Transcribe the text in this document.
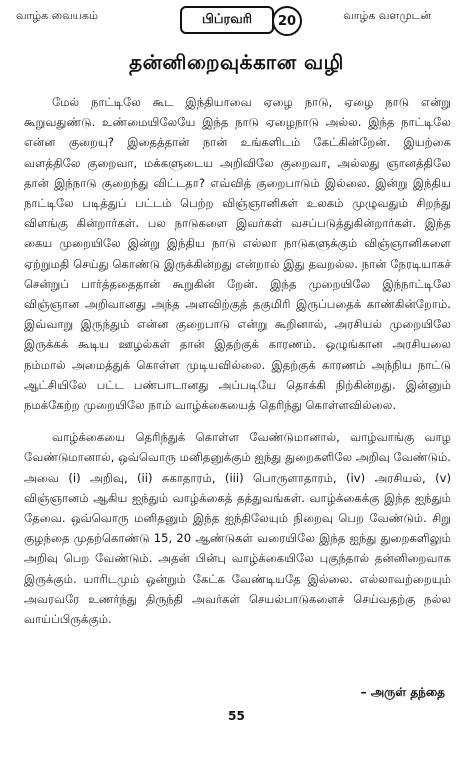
வாழ்க வையகம்	பிப்ரவரி	20	வாழ்க வளமுடன்
தன்னிறைவுக்கான வழி

மேல் நாட்டிலே கூட இந்தியாவை ஏழை நாடு, ஏழை நாடு என்று கூறுவதுண்டு. உண்மையிலேயே இந்த நாடு ஏழைநாடு அல்ல. இந்த நாட்டிலே என்ன குறையு? இதைத்தான் நான் உங்களிடம் கேட்கின்றேன். இயற்கை வளத்திலே குறைவா, மக்களுடைய அறிவிலே குறைவா, அல்லது ஞானத்திலே தான் இந்நாடு குறைந்து விட்டதா? எவ்வித் குறைபாடும் இல்லை. இன்று இந்திய நாட்டிலே படித்துப் பட்டம் பெற்ற விஞ்ஞானிகள் உலகம் முழுவதும் சிறந்து விளங்கு கின்றார்கள். பல நாடுகளை இவர்கள் வசப்படுத்துகின்றார்கள். இந்த கைய முறையிலே இன்று இந்திய நாடு எல்லா நாடுகளுக்கும் விஞ்ஞானிகளை ஏற்றுமதி செய்து கொண்டு இருக்கின்றது என்றால் இது தவறல்ல. நான் நேரடியாகச் சென்றுப் பார்த்ததைதான் கூறுகின் றேன். இந்த முறையிலே இந்நாட்டிலே விஞ்ஞான அறிவானது அந்த அளவிற்குத் தகுமிரி இருப்பதைக் காண்கின்றோம். இவ்வாறு இருந்தும் என்ன குறைபாடு என்று கூறினால், அரசியல் முறையிலே இருக்கக் கூடிய ஊழல்கள் தான் இதற்குக் காரணம். ஒழுங்கான அரசியலை நம்மால் அமைத்துக் கொள்ள முடியவில்லை. இதற்குக் காரணம் அந்நிய நாட்டு ஆட்சியிலே பட்ட பண்பாடானது அப்படியே தொக்கி நிற்கின்றது. இன்னும் நமக்கேற்ற முறையிலே நாம் வாழ்க்கையைத் தெரிந்து கொள்ளவில்லை.

வாழ்க்கையை தெரிந்துக் கொள்ள வேண்டுமானால், வாழ்வாங்கு வாழ வேண்டுமானால், ஒவ்வொரு மனிதனுக்கும் ஐந்து துறைகளிலே அறிவு வேண்டும். அவை (i) அறிவு, (ii) சுகாதாரம், (iii) பொருளாதாரம், (iv) அரசியல், (v) விஞ்ஞானம் ஆகிய ஐந்தும் வாழ்க்கைத் தத்துவங்கள். வாழ்க்கைக்கு இந்த ஐந்தும் தேவை. ஒவ்வொரு மனிதனும் இந்த ஐந்திலேயும் நிறைவு பெற வேண்டும். சிறு குழந்தை முதற்கொண்டு 15, 20 ஆண்டுகள் வரையிலே இந்த ஐந்து துறைகளிலும் அறிவு பெற வேண்டும். அதன் பின்பு வாழ்க்கையிலே புகுந்தால் தன்னிறைவாக இருக்கும். யாரிடமும் ஒன்றும் கேட்க வேண்டியதே இல்லை. எல்லாவற்றையும் அவரவரே உணர்ந்து திருந்தி அவர்கள் செயல்பாடுகளைச் செய்வதற்கு நல்ல வாய்ப்பிருக்கும்.

– அருள் தந்தை
55
